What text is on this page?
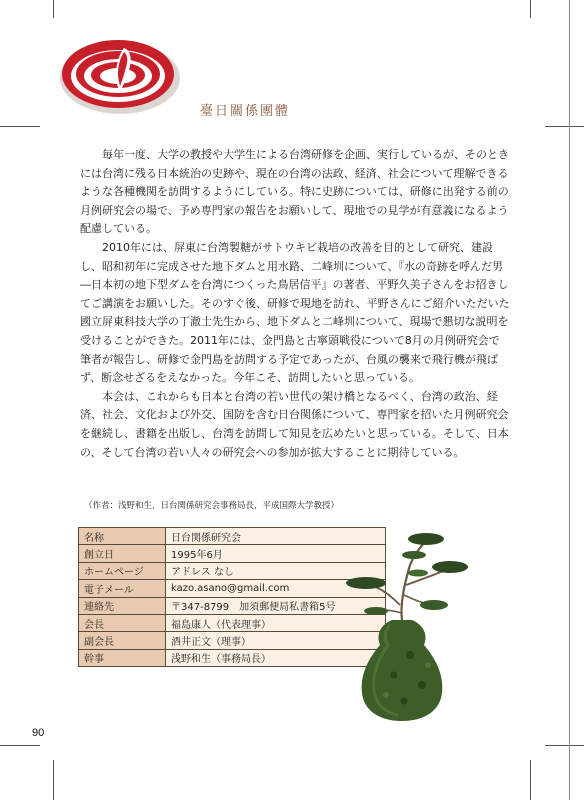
臺日關係團體

毎年一度、大学の教授や大学生による台湾研修を企画、実行しているが、そのときには台湾に残る日本統治の史跡や、現在の台湾の法政、経済、社会について理解できるような各種機関を訪問するようにしている。特に史跡については、研修に出発する前の月例研究会の場で、予め専門家の報告をお願いして、現地での見学が有意義になるよう配慮している。

2010年には、屏東に台湾製糖がサトウキビ栽培の改善を目的として研究、建設し、昭和初年に完成させた地下ダムと用水路、二峰圳について、『水の奇跡を呼んだ男―日本初の地下型ダムを台湾につくった鳥居信平』の著者、平野久美子さんをお招きしてご講演をお願いした。そのすぐ後、研修で現地を訪れ、平野さんにご紹介いただいた國立屏東科技大学の丁澈士先生から、地下ダムと二峰圳について、現場で懇切な説明を受けることができた。2011年には、金門島と古寧頭戦役について8月の月例研究会で筆者が報告し、研修で金門島を訪問する予定であったが、台風の襲来で飛行機が飛ばず、断念せざるをえなかった。今年こそ、訪問したいと思っている。

本会は、これからも日本と台湾の若い世代の架け橋となるべく、台湾の政治、経済、社会、文化および外交、国防を含む日台関係について、専門家を招いた月例研究会を継続し、書籍を出版し、台湾を訪問して知見を広めたいと思っている。そして、日本の、そして台湾の若い人々の研究会への参加が拡大することに期待している。

（作者：浅野和生，日台関係研究会事務局長，平成国際大学教授）
名称	日台関係研究会
創立日	1995年6月
ホームページ	アドレス なし
電子メール	kazo.asano@gmail.com
連絡先	〒347-8799　加須郵便局私書箱5号
会長	福島康人（代表理事）
副会長	酒井正文（理事）
幹事	浅野和生（事務局長）
90
